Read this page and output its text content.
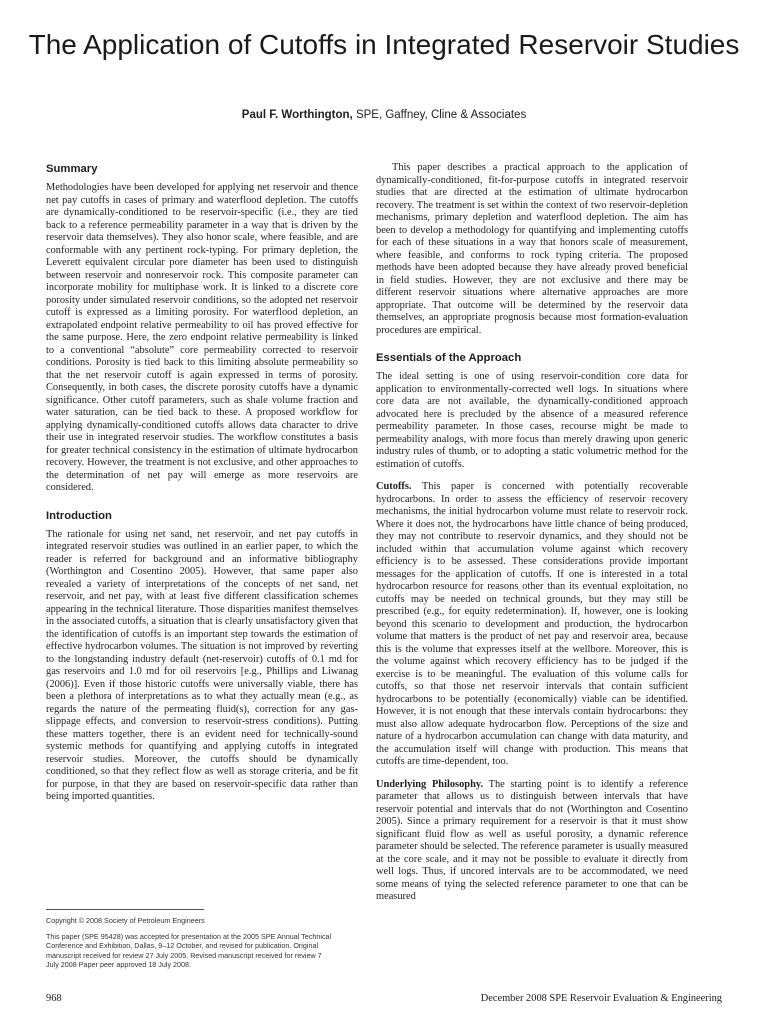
The Application of Cutoffs in Integrated Reservoir Studies
Paul F. Worthington, SPE, Gaffney, Cline & Associates
Summary

Methodologies have been developed for applying net reservoir and thence net pay cutoffs in cases of primary and waterflood depletion. The cutoffs are dynamically-conditioned to be reservoir-specific (i.e., they are tied back to a reference permeability parameter in a way that is driven by the reservoir data themselves). They also honor scale, where feasible, and are conformable with any pertinent rock-typing. For primary depletion, the Leverett equivalent circular pore diameter has been used to distinguish between reservoir and nonreservoir rock. This composite parameter can incorporate mobility for multiphase work. It is linked to a discrete core porosity under simulated reservoir conditions, so the adopted net reservoir cutoff is expressed as a limiting porosity. For waterflood depletion, an extrapolated endpoint relative permeability to oil has proved effective for the same purpose. Here, the zero endpoint relative permeability is linked to a conventional “absolute” core permeability corrected to reservoir conditions. Porosity is tied back to this limiting absolute permeability so that the net reservoir cutoff is again expressed in terms of porosity. Consequently, in both cases, the discrete porosity cutoffs have a dynamic significance. Other cutoff parameters, such as shale volume fraction and water saturation, can be tied back to these. A proposed workflow for applying dynamically-conditioned cutoffs allows data character to drive their use in integrated reservoir studies. The workflow constitutes a basis for greater technical consistency in the estimation of ultimate hydrocarbon recovery. However, the treatment is not exclusive, and other approaches to the determination of net pay will emerge as more reservoirs are considered.

Introduction

The rationale for using net sand, net reservoir, and net pay cutoffs in integrated reservoir studies was outlined in an earlier paper, to which the reader is referred for background and an informative bibliography (Worthington and Cosentino 2005). However, that same paper also revealed a variety of interpretations of the concepts of net sand, net reservoir, and net pay, with at least five different classification schemes appearing in the technical literature. Those disparities manifest themselves in the associated cutoffs, a situation that is clearly unsatisfactory given that the identification of cutoffs is an important step towards the estimation of effective hydrocarbon volumes. The situation is not improved by reverting to the longstanding industry default (net-reservoir) cutoffs of 0.1 md for gas reservoirs and 1.0 md for oil reservoirs [e.g., Phillips and Liwanag (2006)]. Even if those historic cutoffs were universally viable, there has been a plethora of interpretations as to what they actually mean (e.g., as regards the nature of the permeating fluid(s), correction for any gas-slippage effects, and conversion to reservoir-stress conditions). Putting these matters together, there is an evident need for technically-sound systemic methods for quantifying and applying cutoffs in integrated reservoir studies. Moreover, the cutoffs should be dynamically conditioned, so that they reflect flow as well as storage criteria, and be fit for purpose, in that they are based on reservoir-specific data rather than being imported quantities.

This paper describes a practical approach to the application of dynamically-conditioned, fit-for-purpose cutoffs in integrated reservoir studies that are directed at the estimation of ultimate hydrocarbon recovery. The treatment is set within the context of two reservoir-depletion mechanisms, primary depletion and waterflood depletion. The aim has been to develop a methodology for quantifying and implementing cutoffs for each of these situations in a way that honors scale of measurement, where feasible, and conforms to rock typing criteria. The proposed methods have been adopted because they have already proved beneficial in field studies. However, they are not exclusive and there may be different reservoir situations where alternative approaches are more appropriate. That outcome will be determined by the reservoir data themselves, an appropriate prognosis because most formation-evaluation procedures are empirical.

Essentials of the Approach

The ideal setting is one of using reservoir-condition core data for application to environmentally-corrected well logs. In situations where core data are not available, the dynamically-conditioned approach advocated here is precluded by the absence of a measured reference permeability parameter. In those cases, recourse might be made to permeability analogs, with more focus than merely drawing upon generic industry rules of thumb, or to adopting a static volumetric method for the estimation of cutoffs.

Cutoffs. This paper is concerned with potentially recoverable hydrocarbons. In order to assess the efficiency of reservoir recovery mechanisms, the initial hydrocarbon volume must relate to reservoir rock. Where it does not, the hydrocarbons have little chance of being produced, they may not contribute to reservoir dynamics, and they should not be included within that accumulation volume against which recovery efficiency is to be assessed. These considerations provide important messages for the application of cutoffs. If one is interested in a total hydrocarbon resource for reasons other than its eventual exploitation, no cutoffs may be needed on technical grounds, but they may still be prescribed (e.g., for equity redetermination). If, however, one is looking beyond this scenario to development and production, the hydrocarbon volume that matters is the product of net pay and reservoir area, because this is the volume that expresses itself at the wellbore. Moreover, this is the volume against which recovery efficiency has to be judged if the exercise is to be meaningful. The evaluation of this volume calls for cutoffs, so that those net reservoir intervals that contain sufficient hydrocarbons to be potentially (economically) viable can be identified. However, it is not enough that these intervals contain hydrocarbons: they must also allow adequate hydrocarbon flow. Perceptions of the size and nature of a hydrocarbon accumulation can change with data maturity, and the accumulation itself will change with production. This means that cutoffs are time-dependent, too.

Underlying Philosophy. The starting point is to identify a reference parameter that allows us to distinguish between intervals that have reservoir potential and intervals that do not (Worthington and Cosentino 2005). Since a primary requirement for a reservoir is that it must show significant fluid flow as well as useful porosity, a dynamic reference parameter should be selected. The reference parameter is usually measured at the core scale, and it may not be possible to evaluate it directly from well logs. Thus, if uncored intervals are to be accommodated, we need some means of tying the selected reference parameter to one that can be measured

Copyright © 2008 Society of Petroleum Engineers

This paper (SPE 95428) was accepted for presentation at the 2005 SPE Annual Technical Conference and Exhibition, Dallas, 9–12 October, and revised for publication. Original manuscript received for review 27 July 2005. Revised manuscript received for review 7 July 2008 Paper peer approved 18 July 2008.

968	December 2008 SPE Reservoir Evaluation & Engineering
